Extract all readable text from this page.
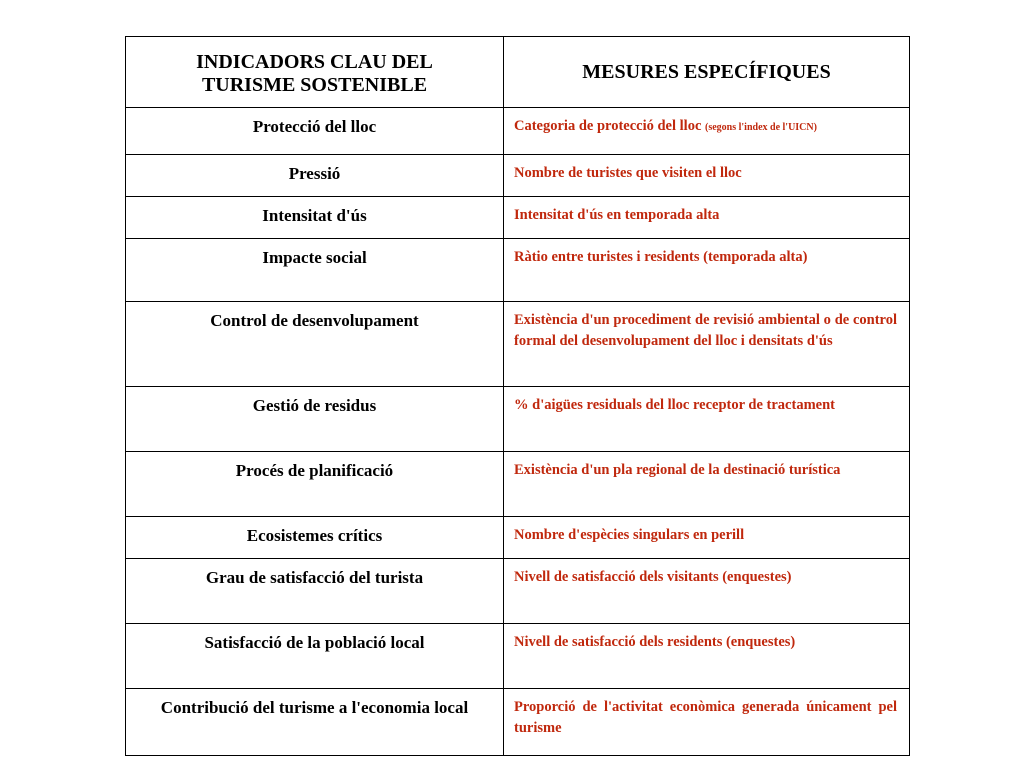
INDICADORS CLAU DEL TURISME SOSTENIBLE	MESURES ESPECÍFIQUES
Protecció del lloc	Categoria de protecció del lloc (segons l'index de l'UICN)
Pressió	Nombre de turistes que visiten el lloc
Intensitat d'ús	Intensitat d'ús en temporada alta
Impacte social	Ràtio entre turistes i residents (temporada alta)
Control de desenvolupament	Existència d'un procediment de revisió ambiental o de control formal del desenvolupament del lloc i densitats d'ús
Gestió de residus	% d'aigües residuals del lloc receptor de tractament
Procés de planificació	Existència d'un pla regional de la destinació turística
Ecosistemes crítics	Nombre d'espècies singulars en perill
Grau de satisfacció del turista	Nivell de satisfacció dels visitants (enquestes)
Satisfacció de la població local	Nivell de satisfacció dels residents (enquestes)
Contribució del turisme a l'economia local	Proporció de l'activitat econòmica generada únicament pel turisme
